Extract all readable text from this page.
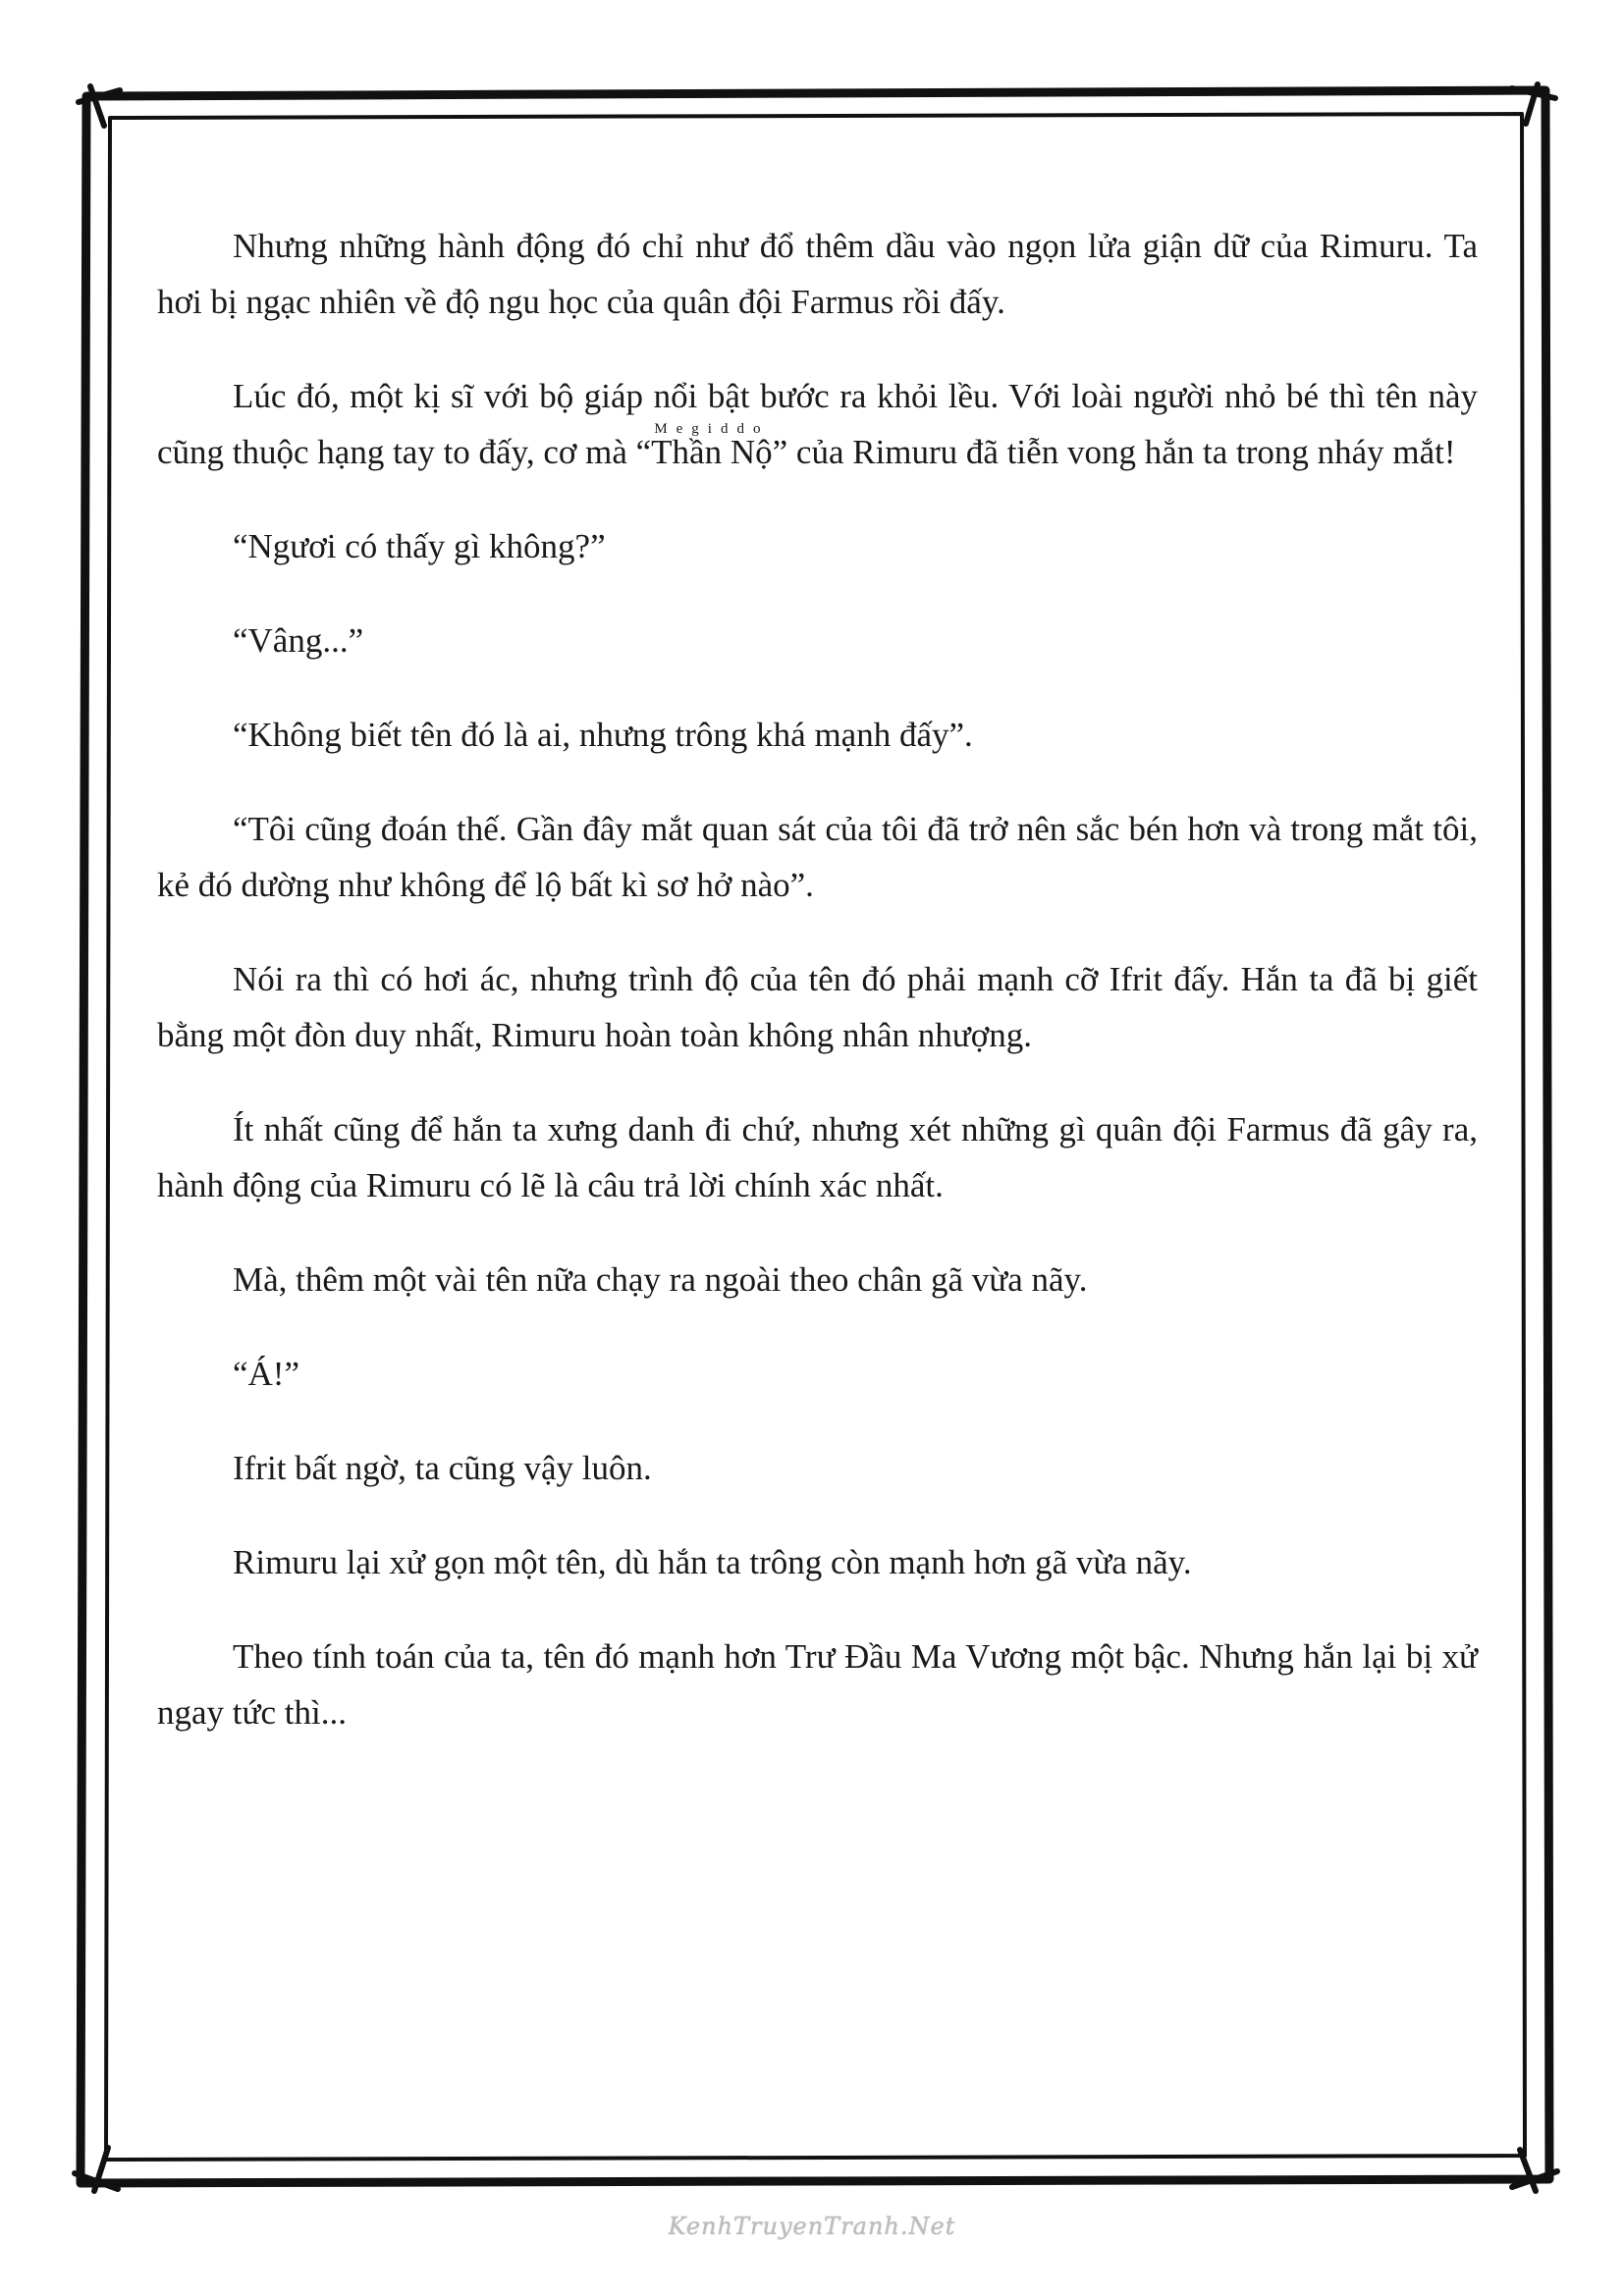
Nhưng những hành động đó chỉ như đổ thêm dầu vào ngọn lửa giận dữ của Rimuru. Ta hơi bị ngạc nhiên về độ ngu học của quân đội Farmus rồi đấy.

Lúc đó, một kị sĩ với bộ giáp nổi bật bước ra khỏi lều. Với loài người nhỏ bé thì tên này cũng thuộc hạng tay to đấy, cơ mà “Thần NộMegiddo” của Rimuru đã tiễn vong hắn ta trong nháy mắt!

“Ngươi có thấy gì không?”

“Vâng...”

“Không biết tên đó là ai, nhưng trông khá mạnh đấy”.

“Tôi cũng đoán thế. Gần đây mắt quan sát của tôi đã trở nên sắc bén hơn và trong mắt tôi, kẻ đó dường như không để lộ bất kì sơ hở nào”.

Nói ra thì có hơi ác, nhưng trình độ của tên đó phải mạnh cỡ Ifrit đấy. Hắn ta đã bị giết bằng một đòn duy nhất, Rimuru hoàn toàn không nhân nhượng.

Ít nhất cũng để hắn ta xưng danh đi chứ, nhưng xét những gì quân đội Farmus đã gây ra, hành động của Rimuru có lẽ là câu trả lời chính xác nhất.

Mà, thêm một vài tên nữa chạy ra ngoài theo chân gã vừa nãy.

“Á!”

Ifrit bất ngờ, ta cũng vậy luôn.

Rimuru lại xử gọn một tên, dù hắn ta trông còn mạnh hơn gã vừa nãy.

Theo tính toán của ta, tên đó mạnh hơn Trư Đầu Ma Vương một bậc. Nhưng hắn lại bị xử ngay tức thì...

KenhTruyenTranh.Net
